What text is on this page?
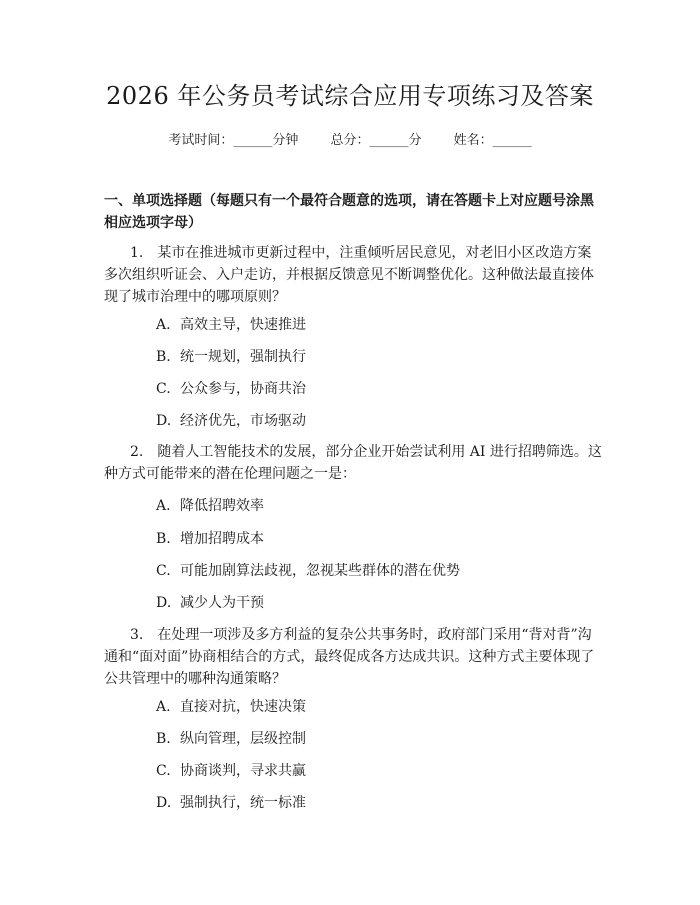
2026 年公务员考试综合应用专项练习及答案
考试时间：______分钟 总分：______分 姓名：______
一、单项选择题（每题只有一个最符合题意的选项，请在答题卡上对应题号涂黑相应选项字母）
1.　某市在推进城市更新过程中，注重倾听居民意见，对老旧小区改造方案多次组织听证会、入户走访，并根据反馈意见不断调整优化。这种做法最直接体现了城市治理中的哪项原则？
A. 高效主导，快速推进
B. 统一规划，强制执行
C. 公众参与，协商共治
D. 经济优先，市场驱动
2.　随着人工智能技术的发展，部分企业开始尝试利用 AI 进行招聘筛选。这种方式可能带来的潜在伦理问题之一是：
A. 降低招聘效率
B. 增加招聘成本
C. 可能加剧算法歧视，忽视某些群体的潜在优势
D. 减少人为干预
3.　在处理一项涉及多方利益的复杂公共事务时，政府部门采用“背对背”沟通和“面对面”协商相结合的方式，最终促成各方达成共识。这种方式主要体现了公共管理中的哪种沟通策略？
A. 直接对抗，快速决策
B. 纵向管理，层级控制
C. 协商谈判，寻求共赢
D. 强制执行，统一标准
